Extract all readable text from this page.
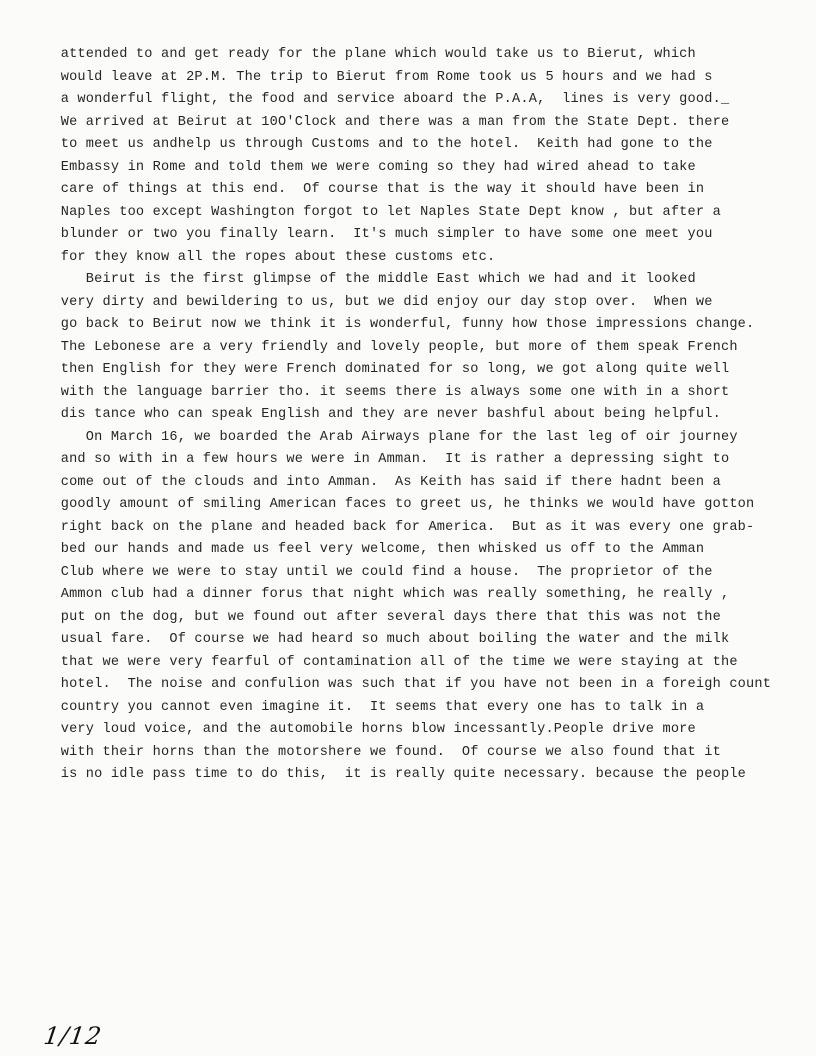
attended to and get ready for the plane which would take us to Bierut, which
would leave at 2P.M. The trip to Bierut from Rome took us 5 hours and we had s
a wonderful flight, the food and service aboard the P.A.A,  lines is very good._
We arrived at Beirut at 10O'Clock and there was a man from the State Dept. there
to meet us andhelp us through Customs and to the hotel.  Keith had gone to the
Embassy in Rome and told them we were coming so they had wired ahead to take
care of things at this end.  Of course that is the way it should have been in
Naples too except Washington forgot to let Naples State Dept know , but after a
blunder or two you finally learn.  It's much simpler to have some one meet you
for they know all the ropes about these customs etc.
Beirut is the first glimpse of the middle East which we had and it looked
very dirty and bewildering to us, but we did enjoy our day stop over.  When we
go back to Beirut now we think it is wonderful, funny how those impressions change.
The Lebonese are a very friendly and lovely people, but more of them speak French
then English for they were French dominated for so long, we got along quite well
with the language barrier tho. it seems there is always some one with in a short
dis tance who can speak English and they are never bashful about being helpful.
On March 16, we boarded the Arab Airways plane for the last leg of oir journey
and so with in a few hours we were in Amman.  It is rather a depressing sight to
come out of the clouds and into Amman.  As Keith has said if there hadnt been a
goodly amount of smiling American faces to greet us, he thinks we would have gotton
right back on the plane and headed back for America.  But as it was every one grab-
bed our hands and made us feel very welcome, then whisked us off to the Amman
Club where we were to stay until we could find a house.  The proprietor of the
Ammon club had a dinner forus that night which was really something, he really ,
put on the dog, but we found out after several days there that this was not the
usual fare.  Of course we had heard so much about boiling the water and the milk
that we were very fearful of contamination all of the time we were staying at the
hotel.  The noise and confulion was such that if you have not been in a foreigh count
country you cannot even imagine it.  It seems that every one has to talk in a
very loud voice, and the automobile horns blow incessantly.People drive more
with their horns than the motorshere we found.  Of course we also found that it
is no idle pass time to do this,  it is really quite necessary. because the people
1/12
